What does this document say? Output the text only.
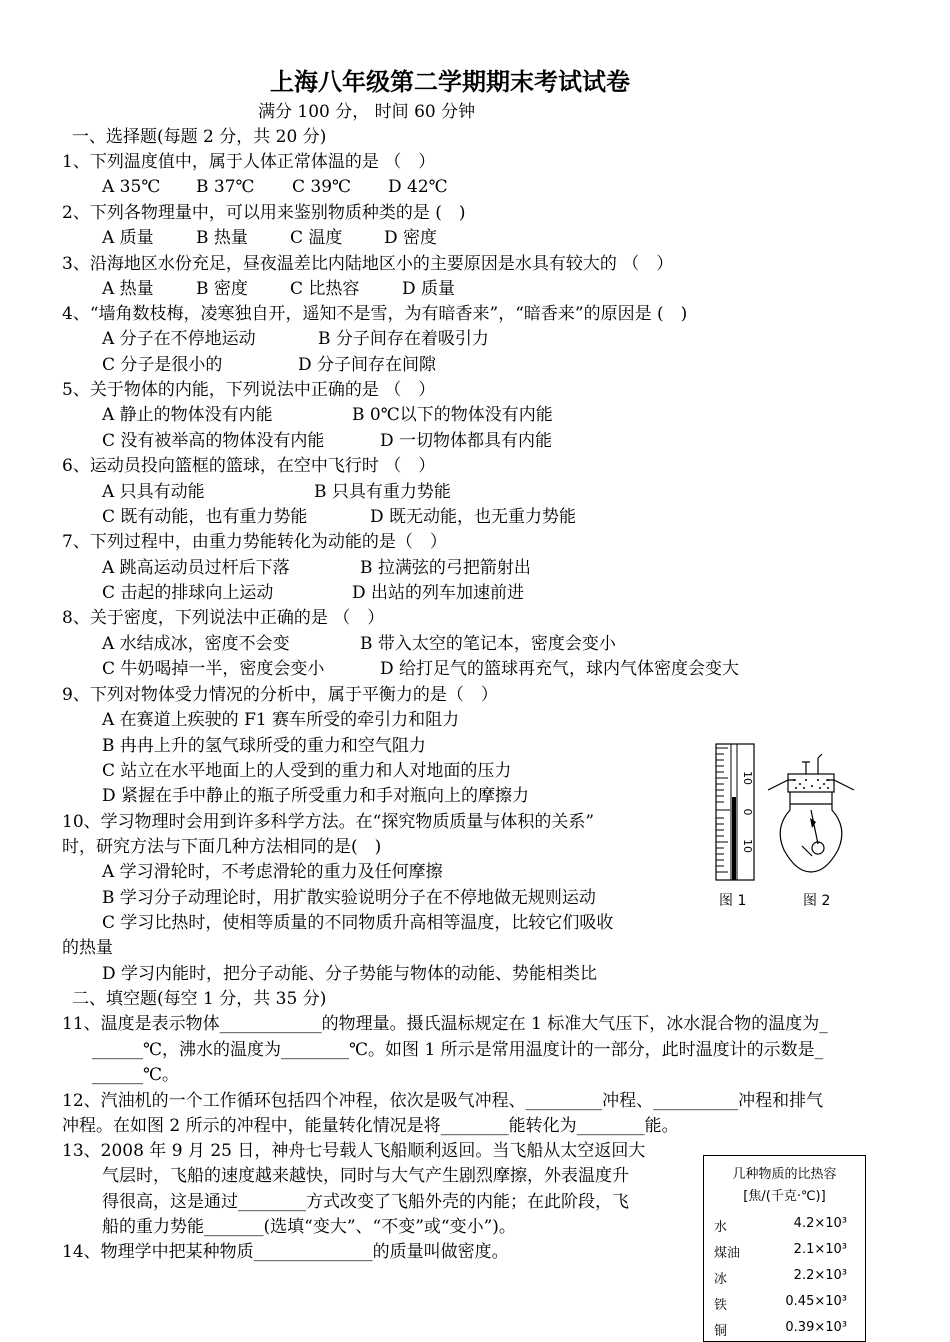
上海八年级第二学期期末考试试卷
满分 100 分， 时间 60 分钟
一、选择题(每题 2 分，共 20 分)
1、下列温度值中，属于人体正常体温的是 （　）
A 35℃ B 37℃ C 39℃ D 42℃
2、下列各物理量中，可以用来鉴别物质种类的是 (　)
A 质量 B 热量 C 温度 D 密度
3、沿海地区水份充足，昼夜温差比内陆地区小的主要原因是水具有较大的 （　）
A 热量 B 密度 C 比热容	D 质量
4、“墙角数枝梅，凌寒独自开，遥知不是雪，为有暗香来”，“暗香来”的原因是 (　)
A 分子在不停地运动	B 分子间存在着吸引力
C 分子是很小的	D 分子间存在间隙
5、关于物体的内能，下列说法中正确的是 （　）
A 静止的物体没有内能	B 0℃以下的物体没有内能
C 没有被举高的物体没有内能	D 一切物体都具有内能
6、运动员投向篮框的篮球，在空中飞行时 （　）
A 只具有动能	B 只具有重力势能
C 既有动能，也有重力势能	D 既无动能，也无重力势能
7、下列过程中，由重力势能转化为动能的是（　）
A 跳高运动员过杆后下落	B 拉满弦的弓把箭射出
C 击起的排球向上运动	D 出站的列车加速前进
8、关于密度，下列说法中正确的是 （　）
A 水结成冰，密度不会变	B 带入太空的笔记本，密度会变小
C 牛奶喝掉一半，密度会变小	D 给打足气的篮球再充气，球内气体密度会变大
9、下列对物体受力情况的分析中，属于平衡力的是（　）
A 在赛道上疾驶的 F1 赛车所受的牵引力和阻力
B 冉冉上升的氢气球所受的重力和空气阻力
C 站立在水平地面上的人受到的重力和人对地面的压力
D 紧握在手中静止的瓶子所受重力和手对瓶向上的摩擦力
10、学习物理时会用到许多科学方法。在“探究物质质量与体积的关系”
时，研究方法与下面几种方法相同的是(　)
A 学习滑轮时，不考虑滑轮的重力及任何摩擦
B 学习分子动理论时，用扩散实验说明分子在不停地做无规则运动
C 学习比热时，使相等质量的不同物质升高相等温度，比较它们吸收
的热量
D 学习内能时，把分子动能、分子势能与物体的动能、势能相类比
二、填空题(每空 1 分，共 35 分)
11、温度是表示物体____________的物理量。摄氏温标规定在 1 标准大气压下，冰水混合物的温度为_
______℃，沸水的温度为________℃。如图 1 所示是常用温度计的一部分，此时温度计的示数是_
______℃。
12、汽油机的一个工作循环包括四个冲程，依次是吸气冲程、_________冲程、__________冲程和排气
冲程。在如图 2 所示的冲程中，能量转化情况是将________能转化为________能。
13、2008 年 9 月 25 日，神舟七号载人飞船顺利返回。当飞船从太空返回大
气层时，飞船的速度越来越快，同时与大气产生剧烈摩擦，外表温度升
得很高，这是通过________方式改变了飞船外壳的内能；在此阶段，飞
船的重力势能_______(选填“变大”、“不变”或“变小”)。
14、物理学中把某种物质______________的质量叫做密度。
10
0
10
图 1	图 2
几种物质的比热容
[焦/(千克·℃)]
水	4.2×10³
煤油	2.1×10³
冰	2.2×10³
铁	0.45×10³
铜	0.39×10³
